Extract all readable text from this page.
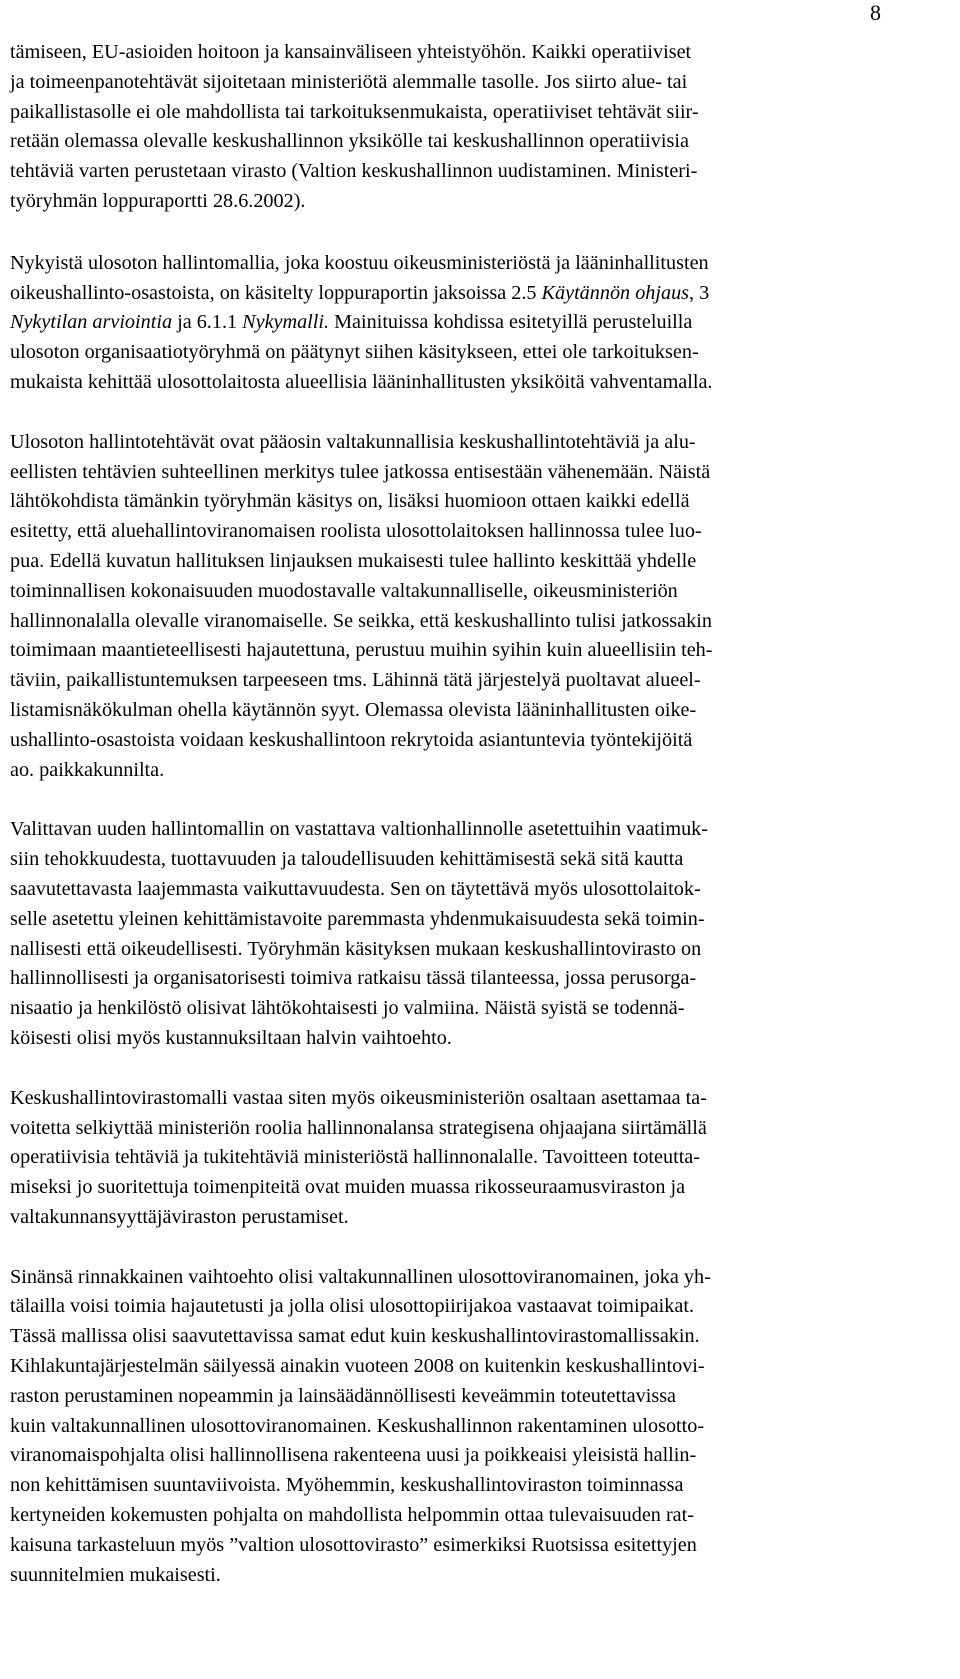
8

tämiseen, EU-asioiden hoitoon ja kansainväliseen yhteistyöhön. Kaikki operatiiviset
ja toimeenpanotehtävät sijoitetaan ministeriötä alemmalle tasolle. Jos siirto alue- tai
paikallistasolle ei ole mahdollista tai tarkoituksenmukaista, operatiiviset tehtävät siir-
retään olemassa olevalle keskushallinnon yksikölle tai keskushallinnon operatiivisia
tehtäviä varten perustetaan virasto (Valtion keskushallinnon uudistaminen. Ministeri-
työryhmän loppuraportti 28.6.2002).

Nykyistä ulosoton hallintomallia, joka koostuu oikeusministeriöstä ja lääninhallitusten
oikeushallinto-osastoista, on käsitelty loppuraportin jaksoissa 2.5 Käytännön ohjaus, 3
Nykytilan arviointia ja 6.1.1 Nykymalli. Mainituissa kohdissa esitetyillä perusteluilla
ulosoton organisaatiotyöryhmä on päätynyt siihen käsitykseen, ettei ole tarkoituksen-
mukaista kehittää ulosottolaitosta alueellisia lääninhallitusten yksiköitä vahventamalla.

Ulosoton hallintotehtävät ovat pääosin valtakunnallisia keskushallintotehtäviä ja alu-
eellisten tehtävien suhteellinen merkitys tulee jatkossa entisestään vähenemään. Näistä
lähtökohdista tämänkin työryhmän käsitys on, lisäksi huomioon ottaen kaikki edellä
esitetty, että aluehallintoviranomaisen roolista ulosottolaitoksen hallinnossa tulee luo-
pua. Edellä kuvatun hallituksen linjauksen mukaisesti tulee hallinto keskittää yhdelle
toiminnallisen kokonaisuuden muodostavalle valtakunnalliselle, oikeusministeriön
hallinnonalalla olevalle viranomaiselle. Se seikka, että keskushallinto tulisi jatkossakin
toimimaan maantieteellisesti hajautettuna, perustuu muihin syihin kuin alueellisiin teh-
täviin, paikallistuntemuksen tarpeeseen tms. Lähinnä tätä järjestelyä puoltavat alueel-
listamisnäkökulman ohella käytännön syyt. Olemassa olevista lääninhallitusten oike-
ushallinto-osastoista voidaan keskushallintoon rekrytoida asiantuntevia työntekijöitä
ao. paikkakunnilta.

Valittavan uuden hallintomallin on vastattava valtionhallinnolle asetettuihin vaatimuk-
siin tehokkuudesta, tuottavuuden ja taloudellisuuden kehittämisestä sekä sitä kautta
saavutettavasta laajemmasta vaikuttavuudesta. Sen on täytettävä myös ulosottolaitok-
selle asetettu yleinen kehittämistavoite paremmasta yhdenmukaisuudesta sekä toimin-
nallisesti että oikeudellisesti. Työryhmän käsityksen mukaan keskushallintovirasto on
hallinnollisesti ja organisatorisesti toimiva ratkaisu tässä tilanteessa, jossa perusorga-
nisaatio ja henkilöstö olisivat lähtökohtaisesti jo valmiina. Näistä syistä se todennä-
köisesti olisi myös kustannuksiltaan halvin vaihtoehto.

Keskushallintovirastomalli vastaa siten myös oikeusministeriön osaltaan asettamaa ta-
voitetta selkiyttää ministeriön roolia hallinnonalansa strategisena ohjaajana siirtämällä
operatiivisia tehtäviä ja tukitehtäviä ministeriöstä hallinnonalalle. Tavoitteen toteutta-
miseksi jo suoritettuja toimenpiteitä ovat muiden muassa rikosseuraamusviraston ja
valtakunnansyyttäjäviraston perustamiset.

Sinänsä rinnakkainen vaihtoehto olisi valtakunnallinen ulosottoviranomainen, joka yh-
tälailla voisi toimia hajautetusti ja jolla olisi ulosottopiirijakoa vastaavat toimipaikat.
Tässä mallissa olisi saavutettavissa samat edut kuin keskushallintovirastomallissakin.
Kihlakuntajärjestelmän säilyessä ainakin vuoteen 2008 on kuitenkin keskushallintovi-
raston perustaminen nopeammin ja lainsäädännöllisesti keveämmin toteutettavissa
kuin valtakunnallinen ulosottoviranomainen. Keskushallinnon rakentaminen ulosotto-
viranomaispohjalta olisi hallinnollisena rakenteena uusi ja poikkeaisi yleisistä hallin-
non kehittämisen suuntaviivoista. Myöhemmin, keskushallintoviraston toiminnassa
kertyneiden kokemusten pohjalta on mahdollista helpommin ottaa tulevaisuuden rat-
kaisuna tarkasteluun myös ”valtion ulosottovirasto” esimerkiksi Ruotsissa esitettyjen
suunnitelmien mukaisesti.
